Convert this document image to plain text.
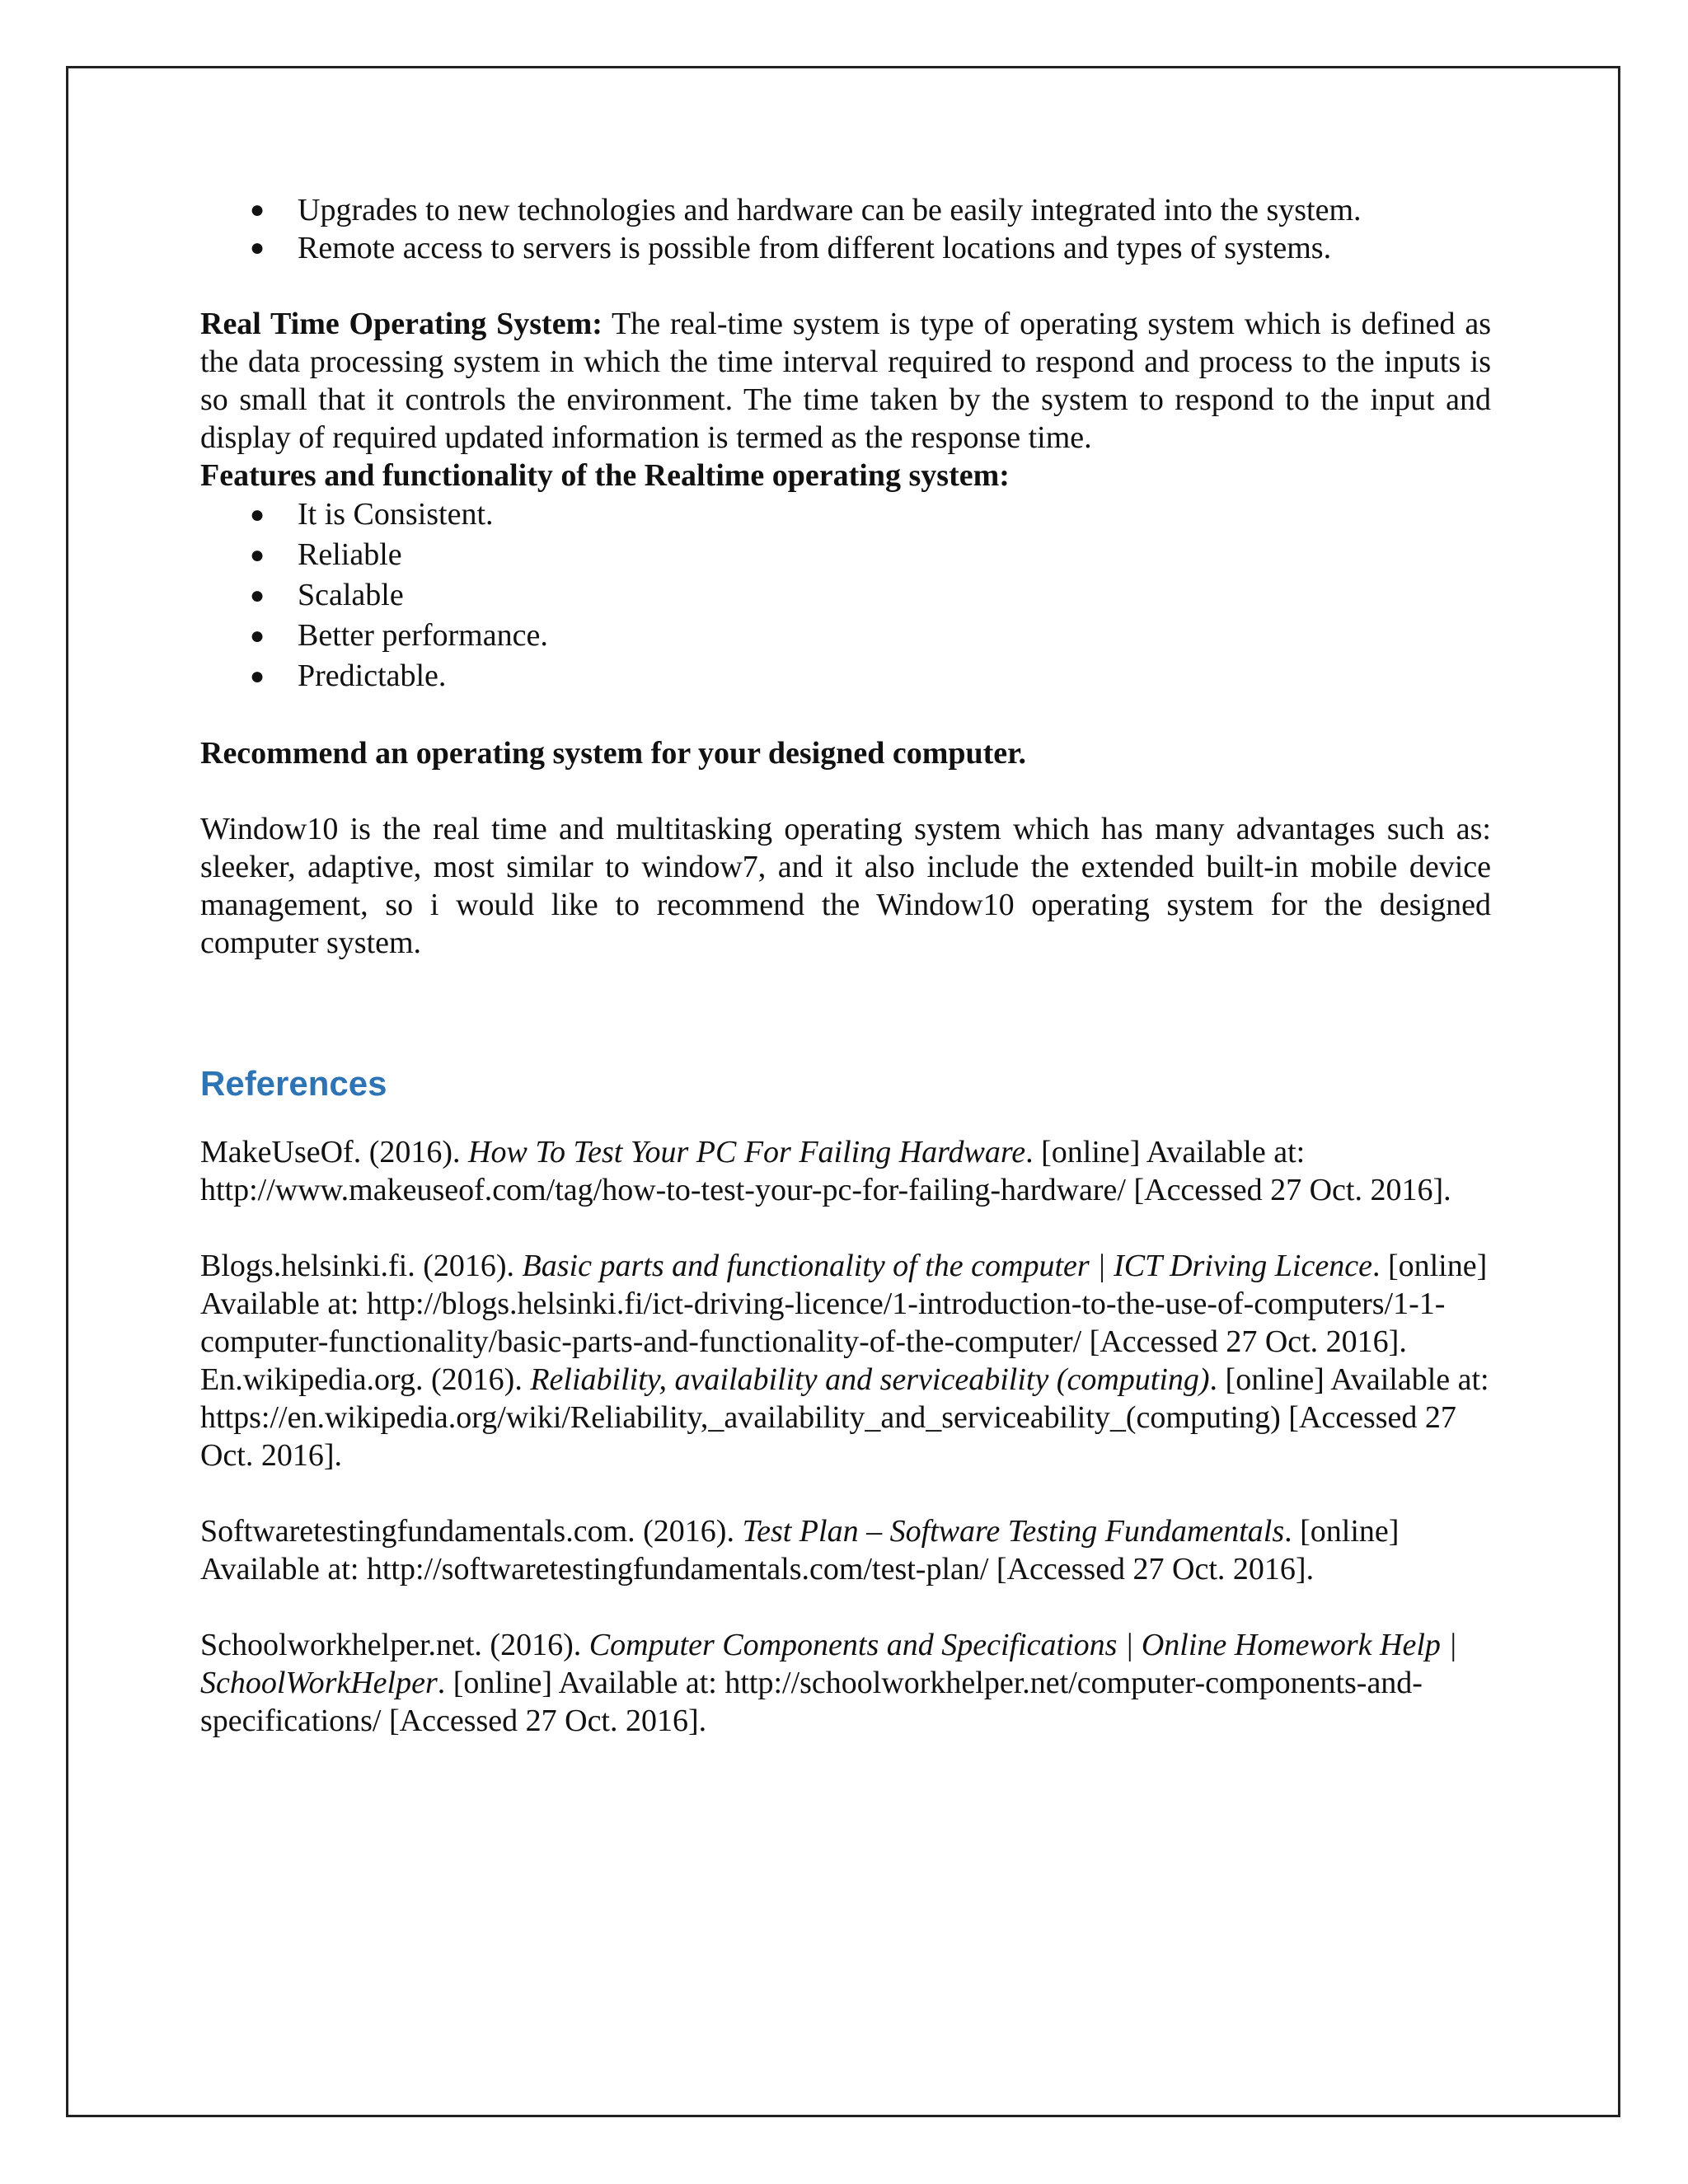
● Upgrades to new technologies and hardware can be easily integrated into the system.
● Remote access to servers is possible from different locations and types of systems.

Real Time Operating System: The real-time system is type of operating system which is defined as the data processing system in which the time interval required to respond and process to the inputs is so small that it controls the environment. The time taken by the system to respond to the input and display of required updated information is termed as the response time.

Features and functionality of the Realtime operating system:

● It is Consistent.
● Reliable
● Scalable
● Better performance.
● Predictable.

Recommend an operating system for your designed computer.

Window10 is the real time and multitasking operating system which has many advantages such as: sleeker, adaptive, most similar to window7, and it also include the extended built-in mobile device management, so i would like to recommend the Window10 operating system for the designed computer system.

References

MakeUseOf. (2016). How To Test Your PC For Failing Hardware. [online] Available at: http://www.makeuseof.com/tag/how-to-test-your-pc-for-failing-hardware/ [Accessed 27 Oct. 2016].

Blogs.helsinki.fi. (2016). Basic parts and functionality of the computer | ICT Driving Licence. [online] Available at: http://blogs.helsinki.fi/ict-driving-licence/1-introduction-to-the-use-of-computers/1-1-computer-functionality/basic-parts-and-functionality-of-the-computer/ [Accessed 27 Oct. 2016].

En.wikipedia.org. (2016). Reliability, availability and serviceability (computing). [online] Available at: https://en.wikipedia.org/wiki/Reliability,_availability_and_serviceability_(computing) [Accessed 27 Oct. 2016].

Softwaretestingfundamentals.com. (2016). Test Plan – Software Testing Fundamentals. [online] Available at: http://softwaretestingfundamentals.com/test-plan/ [Accessed 27 Oct. 2016].

Schoolworkhelper.net. (2016). Computer Components and Specifications | Online Homework Help | SchoolWorkHelper. [online] Available at: http://schoolworkhelper.net/computer-components-and-specifications/ [Accessed 27 Oct. 2016].
